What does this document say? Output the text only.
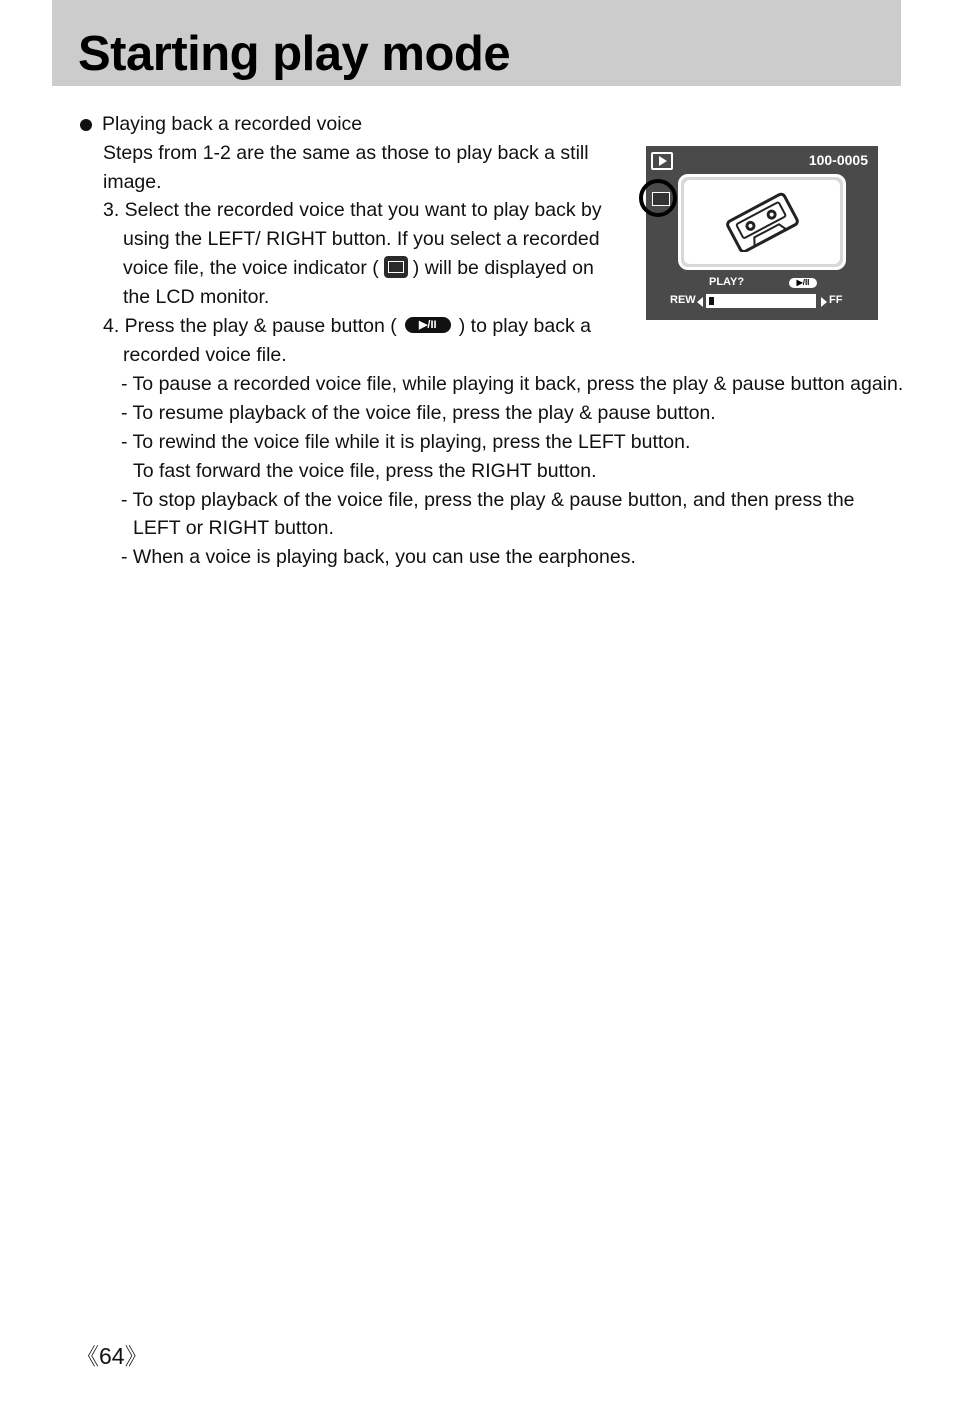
Starting play mode
Playing back a recorded voice
Steps from 1-2 are the same as those to play back a still
image.
3. Select the recorded voice that you want to play back by
using the LEFT/ RIGHT button. If you select a recorded
voice file, the voice indicator ( ) will be displayed on
the LCD monitor.
4. Press the play & pause button ( ▶/II ) to play back a
recorded voice file.
- To pause a recorded voice file, while playing it back, press the play & pause button again.
- To resume playback of the voice file, press the play & pause button.
- To rewind the voice file while it is playing, press the LEFT button.
To fast forward the voice file, press the RIGHT button.
- To stop playback of the voice file, press the play & pause button, and then press the
LEFT or RIGHT button.
- When a voice is playing back, you can use the earphones.
100-0005
PLAY?	▶/II
REW	FF
《64》
